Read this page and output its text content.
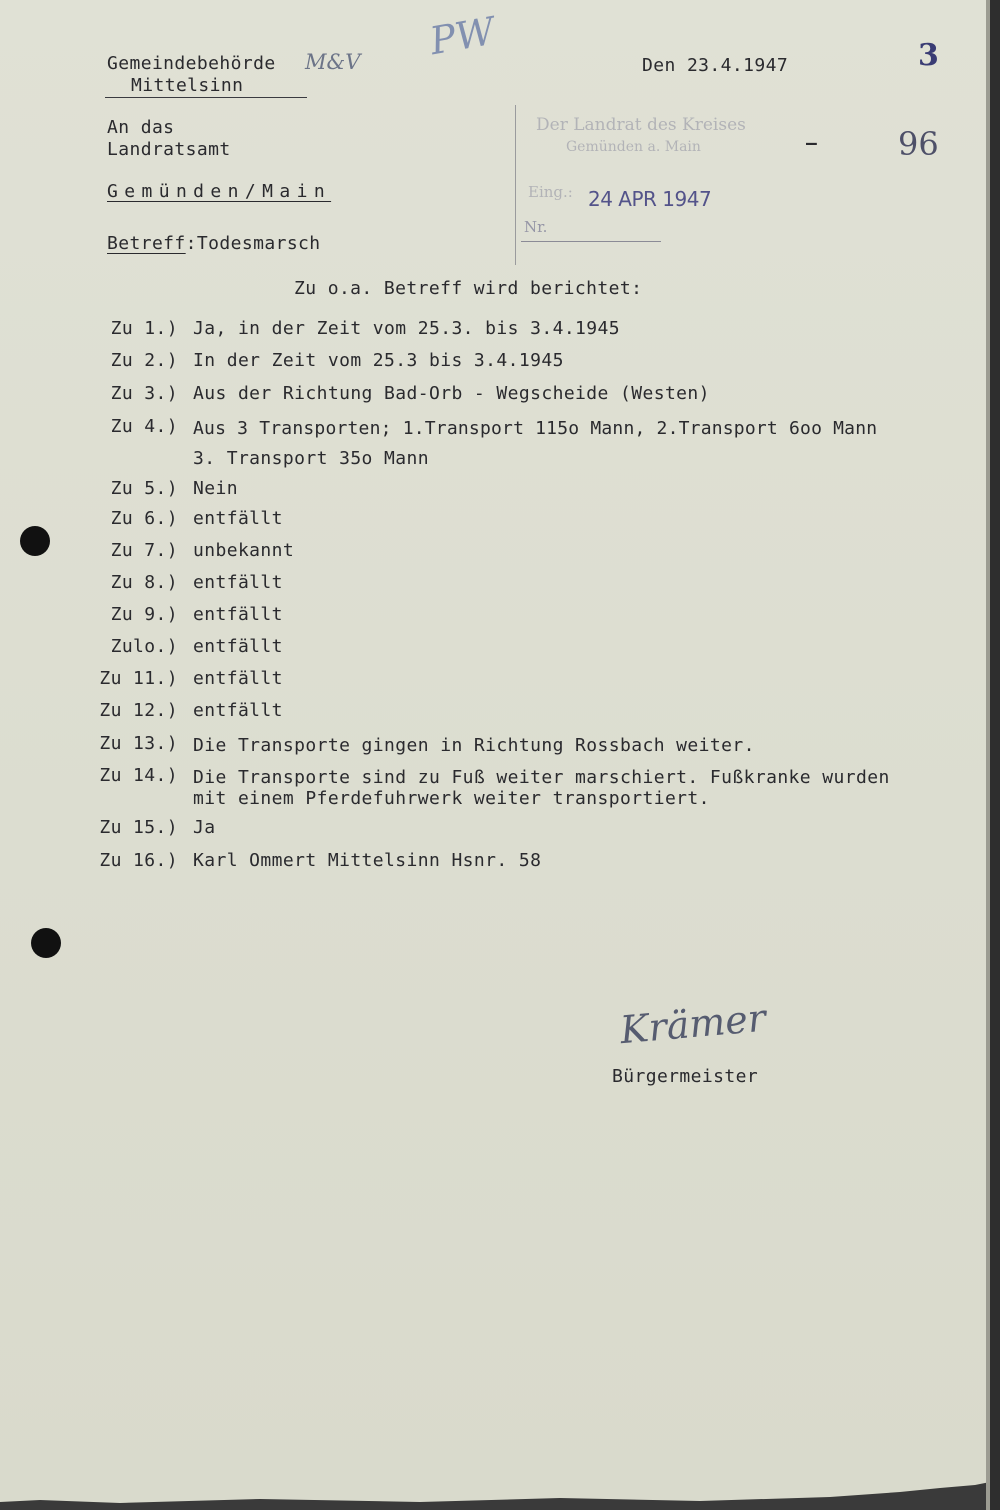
Gemeindebehörde M&V
Mittelsinn
PW
Den 23.4.1947	3
An das
Landratsamt
Gemünden/Main
Der Landrat des Kreises
Gemünden a. Main
Eing.: 24 APR 1947
Nr.
–	96
Betreff:Todesmarsch
Zu o.a. Betreff wird berichtet:
Zu 1.) Ja, in der Zeit vom 25.3. bis 3.4.1945
Zu 2.) In der Zeit vom 25.3 bis 3.4.1945
Zu 3.) Aus der Richtung Bad-Orb - Wegscheide (Westen)
Zu 4.) Aus 3 Transporten; 1.Transport 115o Mann, 2.Transport 6oo Mann
3. Transport 35o Mann
Zu 5.) Nein
Zu 6.) entfällt
Zu 7.) unbekannt
Zu 8.) entfällt
Zu 9.) entfällt
Zulo.) entfällt
Zu 11.) entfällt
Zu 12.) entfällt
Zu 13.) Die Transporte gingen in Richtung Rossbach weiter.
Zu 14.) Die Transporte sind zu Fuß weiter marschiert. Fußkranke wurden
mit einem Pferdefuhrwerk weiter transportiert.
Zu 15.) Ja
Zu 16.) Karl Ommert Mittelsinn Hsnr. 58
Krämer
Bürgermeister
